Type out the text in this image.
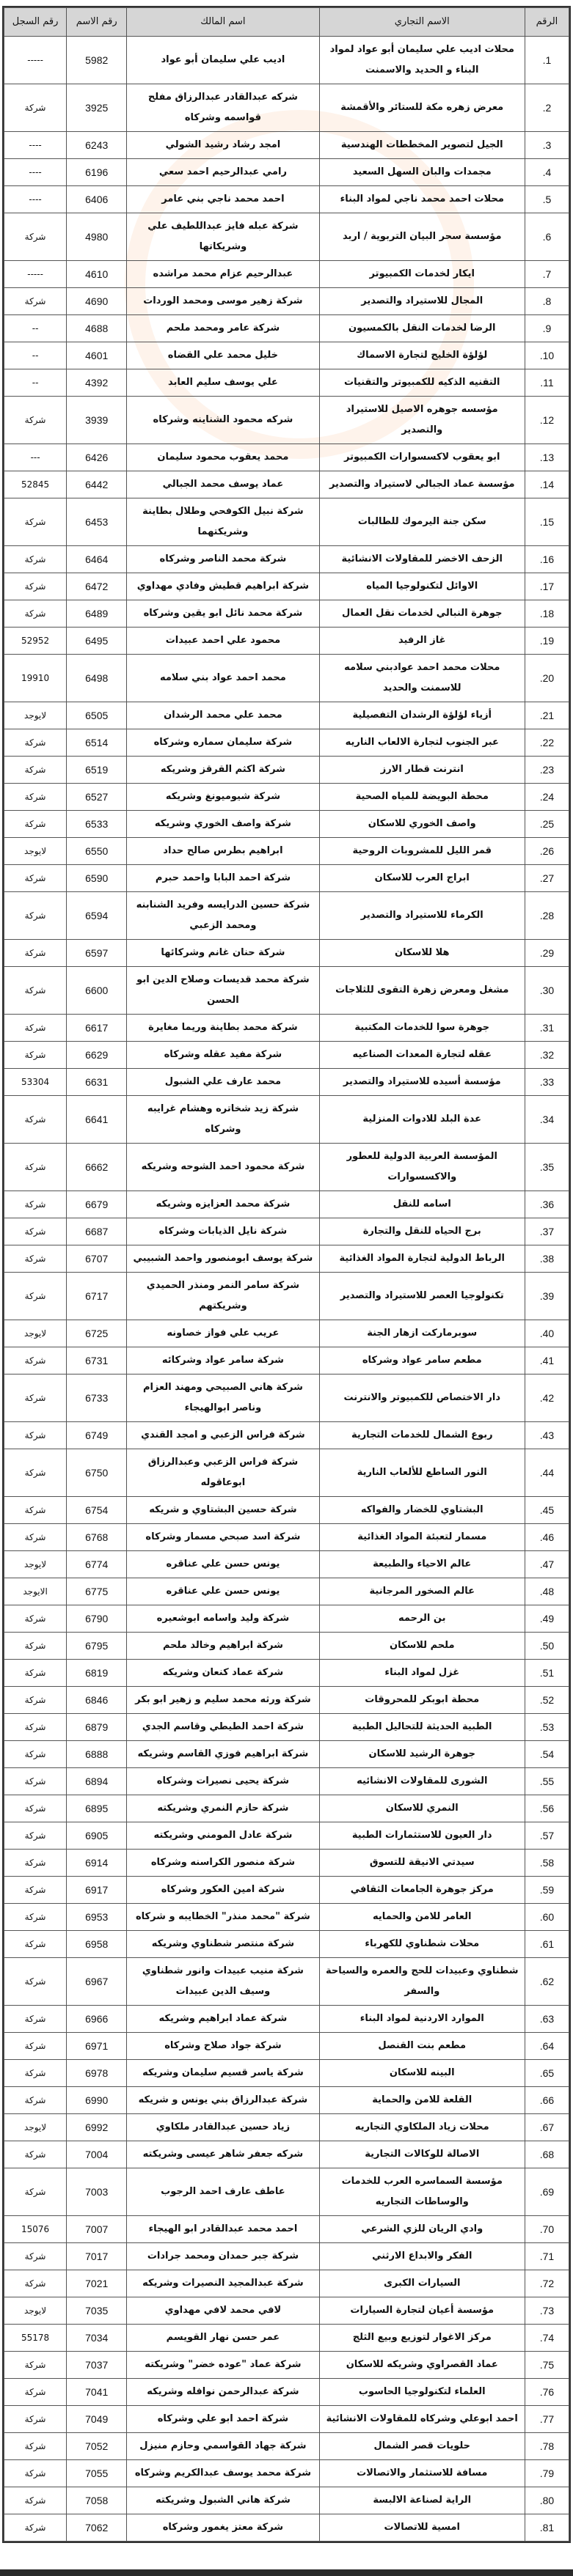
الرقم	الاسم التجاري	اسم المالك	رقم الاسم	رقم السجل
1.	محلات اديب علي سليمان أبو عواد لمواد
البناء و الحديد والاسمنت	اديب علي سليمان أبو عواد	5982	-----
2.	معرض زهره مكة للستائر والأقمشة	شركه عبدالقادر عبدالرزاق مفلح
قواسمه وشركاه	3925	شركة
3.	الجيل لتصوير المخططات الهندسية	امجد رشاد رشيد الشولي	6243	----
4.	مجمدات والبان السهل السعيد	رامي عبدالرحيم احمد سعي	6196	----
5.	محلات احمد محمد ناجي لمواد البناء	احمد محمد ناجي بني عامر	6406	----
6.	مؤسسة سحر البيان التربوية / اربد	شركة عبله فايز عبداللطيف علي
وشريكاتها	4980	شركة
7.	ايكار لخدمات الكمبيوتر	عبدالرحيم عزام محمد مراشده	4610	-----
8.	المجال للاستيراد والتصدير	شركة زهير موسى ومحمد الوردات	4690	شركة
9.	الرضا لخدمات النقل بالكمسيون	شركة عامر ومحمد ملحم	4688	--
10.	لؤلؤة الخليج لتجارة الاسماك	خليل محمد علي القضاه	4601	--
11.	التقنيه الذكيه للكمبيوتر والتقنيات	علي يوسف سليم العابد	4392	--
12.	مؤسسه جوهره الاصيل للاستيراد
والتصدير	شركه محمود الشناينه وشركاه	3939	شركة
13.	ابو يعقوب لاكسسوارات الكمبيوتر	محمد يعقوب محمود سليمان	6426	---
14.	مؤسسة عماد الجبالي لاستيراد والتصدير	عماد يوسف محمد الجبالي	6442	52845
15.	سكن جنة اليرموك للطالبات	شركة نبيل الكوفحي وطلال بطاينة
وشريكتهما	6453	شركة
16.	الزحف الاخضر للمقاولات الانشائية	شركة محمد الناصر وشركاه	6464	شركة
17.	الاوائل لتكنولوجيا المياه	شركة ابراهيم قطيش وفادي مهداوي	6472	شركة
18.	جوهرة النبالي لخدمات نقل العمال	شركة محمد نائل ابو يقين وشركاه	6489	شركة
19.	غاز الرفيد	محمود علي احمد عبيدات	6495	52952
20.	محلات محمد احمد عوادبني سلامه
للاسمنت والحديد	محمد احمد عواد بني سلامه	6498	19910
21.	أزياء لؤلؤة الرشدان التفصيلية	محمد علي محمد الرشدان	6505	لايوجد
22.	عبر الجنوب لتجارة الالعاب الناريه	شركة سليمان سماره وشركاه	6514	شركة
23.	انترنت قطار الارز	شركة اكثم القرقز وشريكه	6519	شركة
24.	محطة البويضة للمياه الصحية	شركة شيوميونغ وشريكه	6527	شركة
25.	واصف الخوري للاسكان	شركة واصف الخوري وشريكه	6533	شركة
26.	قمر الليل للمشروبات الروحية	ابراهيم بطرس صالح حداد	6550	لايوجد
27.	ابراج العرب للاسكان	شركة احمد البابا واحمد حبرم	6590	شركة
28.	الكرماء للاستيراد والتصدير	شركة حسين الدرايسه وفريد الشنابنه
ومحمد الزعبي	6594	شركة
29.	هلا للاسكان	شركة حنان غانم وشركائها	6597	شركة
30.	مشغل ومعرض زهرة التقوى للثلاجات	شركة محمد قديسات وصلاح الدين ابو
الحسن	6600	شركة
31.	جوهرة سوا للخدمات المكتبية	شركة محمد بطاينة وريما مغايرة	6617	شركة
32.	عقله لتجارة المعدات الصناعيه	شركة مفيد عقله وشركاه	6629	شركة
33.	مؤسسة أسيده للاستيراد والتصدير	محمد عارف علي الشبول	6631	53304
34.	عدة البلد للادوات المنزلية	شركة زيد شخاتره وهشام غرايبه
وشركاه	6641	شركة
35.	المؤسسة العربية الدولية للعطور
والاكسسوارات	شركة محمود احمد الشوحه وشريكه	6662	شركة
36.	اسامه للنقل	شركة محمد العزايزه وشريكه	6679	شركة
37.	برج الحياه للنقل والتجارة	شركة نايل الذيابات وشركاه	6687	شركة
38.	الرباط الدولية لتجارة المواد الغذائية	شركة يوسف ابومنصور واحمد الشبيبي	6707	شركة
39.	تكنولوجيا العصر للاستيراد والتصدير	شركة سامر النمر ومنذر الحميدي
وشريكتهم	6717	شركة
40.	سوبرماركت ازهار الجنة	عريب علي فواز خصاونه	6725	لايوجد
41.	مطعم سامر عواد وشركاه	شركة سامر عواد وشركائه	6731	شركة
42.	دار الاختصاص للكمبيوتر والانترنت	شركة هاني الصبيحي ومهند العزام
وناصر ابوالهيجاء	6733	شركة
43.	ربوع الشمال للخدمات التجارية	شركة فراس الزعبي و امجد القندي	6749	شركة
44.	النور الساطع للألعاب النارية	شركة فراس الزعبي وعبدالرزاق
ابوعاقوله	6750	شركة
45.	البشتاوي للخضار والفواكه	شركة حسين البشتاوي و شريكه	6754	شركة
46.	مسمار لتعبئة المواد الغذائية	شركة اسد صبحي مسمار وشركاه	6768	شركة
47.	عالم الاحياء والطبيعة	يونس حسن علي عناقره	6774	لايوجد
48.	عالم الصخور المرجانية	يونس حسن علي عناقره	6775	الايوجد
49.	بن الرحمه	شركة وليد واسامه ابوشعيره	6790	شركة
50.	ملحم للاسكان	شركة ابراهيم وخالد ملحم	6795	شركة
51.	غزل لمواد البناء	شركة عماد كنعان وشريكه	6819	شركة
52.	محطة ابوبكر للمحروقات	شركة ورثه محمد سليم و زهير ابو بكر	6846	شركة
53.	الطبية الحديثة للتحاليل الطبية	شركة احمد الطيطي وقاسم الجدي	6879	شركة
54.	جوهرة الرشيد للاسكان	شركة ابراهيم فوزي القاسم وشريكه	6888	شركة
55.	الشورى للمقاولات الانشائيه	شركة يحيى نصيرات وشركاه	6894	شركة
56.	النمري للاسكان	شركة حازم النمري وشريكته	6895	شركة
57.	دار العيون للاستثمارات الطبية	شركة عادل المومني وشريكته	6905	شركة
58.	سيدتي الانيقة للتسوق	شركة منصور الكراسنه وشركاه	6914	شركة
59.	مركز جوهرة الجامعات الثقافي	شركة امين العكور وشركاه	6917	شركة
60.	العامر للامن والحمايه	شركة "محمد منذر" الخطايبه و شركاه	6953	شركة
61.	محلات شطناوي للكهرباء	شركة منتصر شطناوي وشريكه	6958	شركة
62.	شطناوي وعبيدات للحج والعمره والسياحة
والسفر	شركة منيب عبيدات وانور شطناوي
وسيف الدين عبيدات	6967	شركة
63.	الموارد الاردنية لمواد البناء	شركة عماد ابراهيم وشريكه	6966	شركة
64.	مطعم بنت القنصل	شركة جواد صلاح وشركاه	6971	شركة
65.	البينه للاسكان	شركة ياسر قسيم سليمان وشريكه	6978	شركة
66.	القلعة للامن والحماية	شركة عبدالرزاق بني يونس و شريكه	6990	شركة
67.	محلات زياد الملكاوي التجاريه	زياد حسين عبدالقادر ملكاوي	6992	لايوجد
68.	الاصالة للوكالات التجارية	شركه جعفر شاهر عيسى وشريكته	7004	شركة
69.	مؤسسة السماسره العرب للخدمات
والوساطات التجاريه	عاطف عارف احمد الرجوب	7003	شركة
70.	وادي الريان للزي الشرعي	احمد محمد عبدالقادر ابو الهيجاء	7007	15076
71.	الفكر والابداع الارثني	شركة جبر حمدان ومحمد جرادات	7017	شركة
72.	السيارات الكبرى	شركة عبدالمجيد النصيرات وشريكه	7021	شركة
73.	مؤسسة أعيان لتجارة السيارات	لافي محمد لافي مهداوي	7035	لايوجد
74.	مركز الاغوار لتوزيع وبيع الثلج	عمر حسن نهار القويسم	7034	55178
75.	عماد القصراوي وشريكه للاسكان	شركة عماد "عوده خضر" وشريكته	7037	شركة
76.	العلماء لتكنولوجيا الحاسوب	شركة عبدالرحمن نوافله وشريكه	7041	شركة
77.	احمد ابوعلي وشركاه للمقاولات الانشائية	شركة احمد ابو علي وشركاه	7049	شركة
78.	حلويات قصر الشمال	شركة جهاد القواسمي وحازم منيزل	7052	شركة
79.	مسافة للاستثمار والاتصالات	شركة محمد يوسف عبدالكريم وشركاه	7055	شركة
80.	الراية لصناعة الالبسة	شركة هاني الشبول وشريكته	7058	شركة
81.	امسية للاتصالات	شركة معتز يغمور وشركاه	7062	شركة
